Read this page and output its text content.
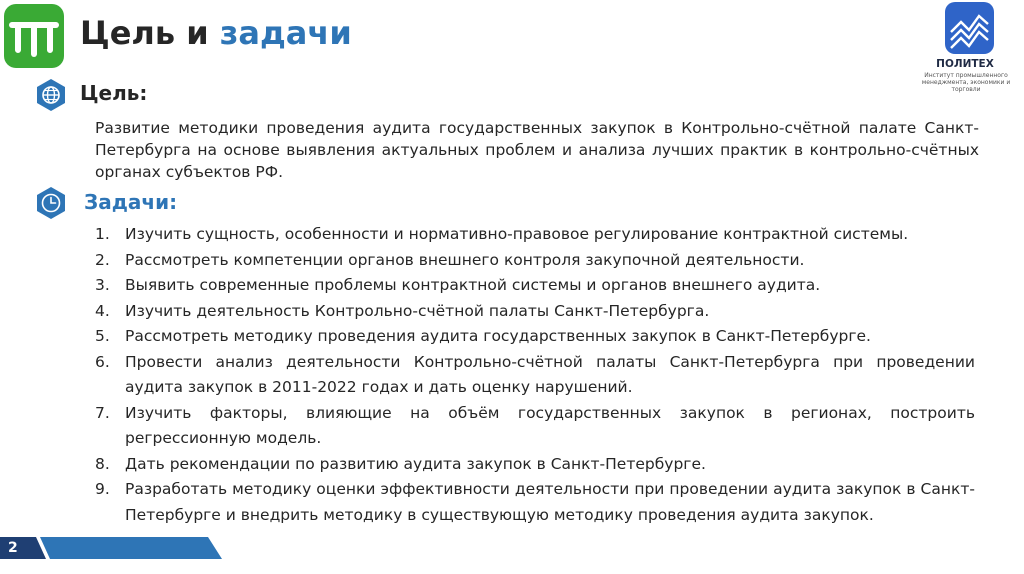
Цель и задачи
ПОЛИТЕХ
Институт промышленного менеджмента, экономики и торговли
Цель:
Развитие методики проведения аудита государственных закупок в Контрольно-счётной палате Санкт-Петербурга на основе выявления актуальных проблем и анализа лучших практик в контрольно-счётных органах субъектов РФ.
Задачи:
1. Изучить сущность, особенности и нормативно-правовое регулирование контрактной системы.
2. Рассмотреть компетенции органов внешнего контроля закупочной деятельности.
3. Выявить современные проблемы контрактной системы и органов внешнего аудита.
4. Изучить деятельность Контрольно-счётной палаты Санкт-Петербурга.
5. Рассмотреть методику проведения аудита государственных закупок в Санкт-Петербурге.
6. Провести анализ деятельности Контрольно-счётной палаты Санкт-Петербурга при проведении аудита закупок в 2011-2022 годах и дать оценку нарушений.
7. Изучить факторы, влияющие на объём государственных закупок в регионах, построить регрессионную модель.
8. Дать рекомендации по развитию аудита закупок в Санкт-Петербурге.
9. Разработать методику оценки эффективности деятельности при проведении аудита закупок в Санкт-Петербурге и внедрить методику в существующую методику проведения аудита закупок.
2
